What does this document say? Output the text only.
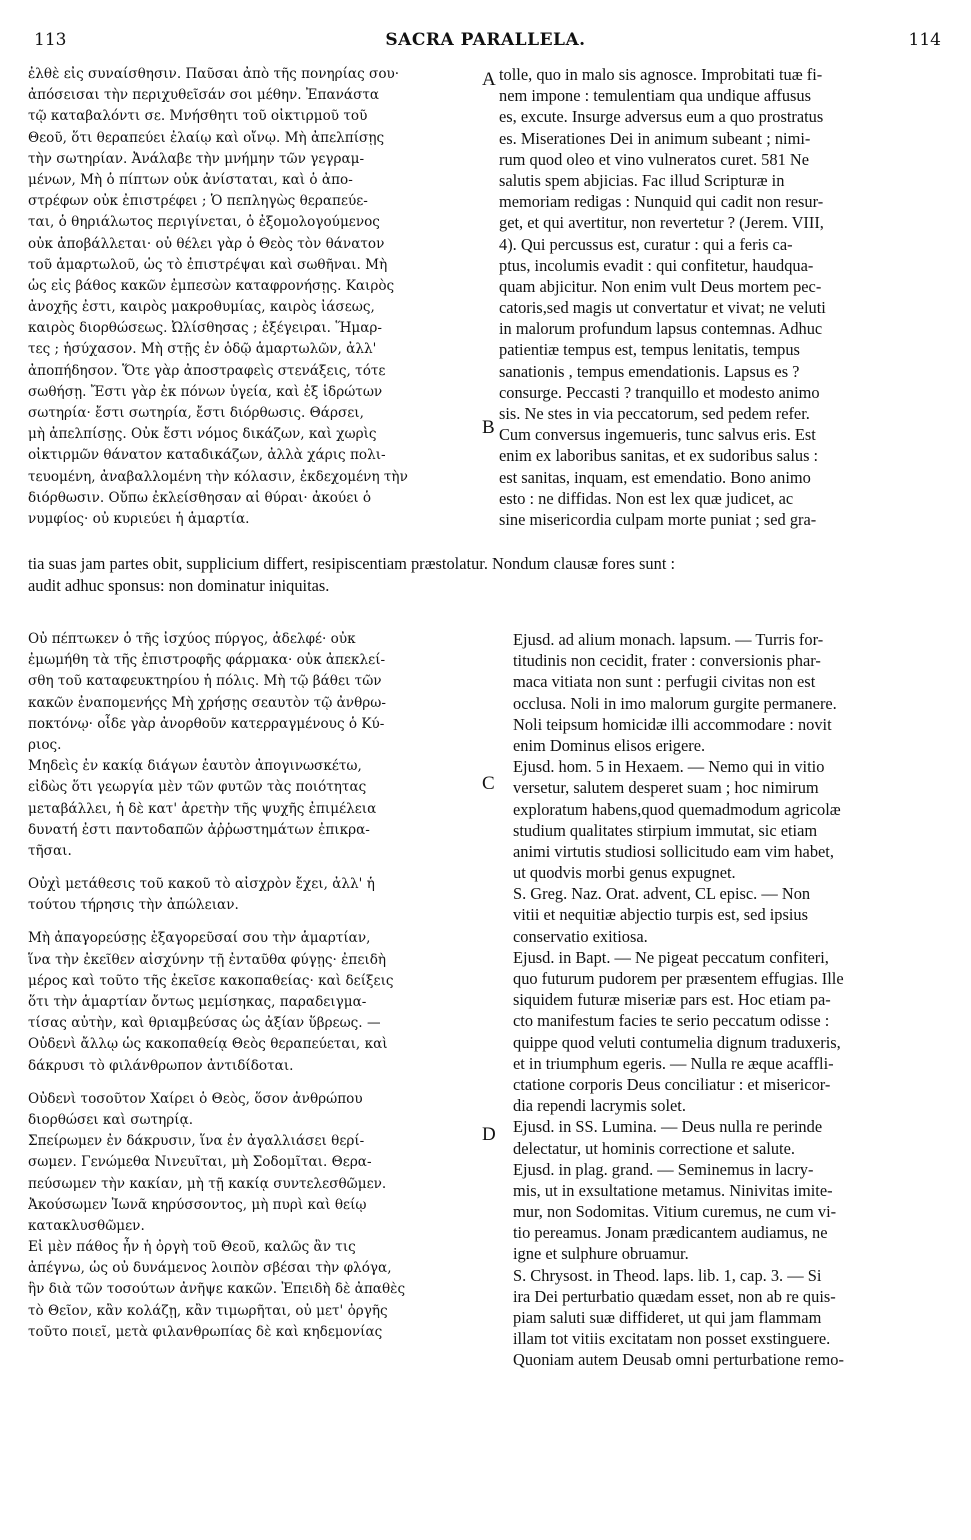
113	SACRA PARALLELA.	114
ἐλθὲ εἰς συναίσθησιν. Παῦσαι ἀπὸ τῆς πονηρίας σου·
ἀπόσεισαι τὴν περιχυθεῖσάν σοι μέθην. Ἐπανάστα
τῷ καταβαλόντι σε. Μνήσθητι τοῦ οἰκτιρμοῦ τοῦ
Θεοῦ, ὅτι θεραπεύει ἐλαίῳ καὶ οἴνῳ. Μὴ ἀπελπίσῃς
τὴν σωτηρίαν. Ἀνάλαβε τὴν μνήμην τῶν γεγραμ-
μένων, Μὴ ὁ πίπτων οὐκ ἀνίσταται, καὶ ὁ ἀπο-
στρέφων οὐκ ἐπιστρέφει ; Ὁ πεπληγὼς θεραπεύε-
ται, ὁ θηριάλωτος περιγίνεται, ὁ ἐξομολογούμενος
οὐκ ἀποβάλλεται· οὐ θέλει γὰρ ὁ Θεὸς τὸν θάνατον
τοῦ ἁμαρτωλοῦ, ὡς τὸ ἐπιστρέψαι καὶ σωθῆναι. Μὴ
ὡς εἰς βάθος κακῶν ἐμπεσὼν καταφρονήσῃς. Καιρὸς
ἀνοχῆς ἐστι, καιρὸς μακροθυμίας, καιρὸς ἰάσεως,
καιρὸς διορθώσεως. Ὠλίσθησας ; ἐξέγειραι. Ἥμαρ-
τες ; ἡσύχασον. Μὴ στῇς ἐν ὁδῷ ἁμαρτωλῶν, ἀλλ'
ἀποπήδησον. Ὅτε γὰρ ἀποστραφεὶς στενάξεις, τότε
σωθήσῃ. Ἔστι γὰρ ἐκ πόνων ὑγεία, καὶ ἐξ ἱδρώτων
σωτηρία· ἔστι σωτηρία, ἔστι διόρθωσις. Θάρσει,
μὴ ἀπελπίσῃς. Οὐκ ἔστι νόμος δικάζων, καὶ χωρὶς
οἰκτιρμῶν θάνατον καταδικάζων, ἀλλὰ χάρις πολι-
τευομένη, ἀναβαλλομένη τὴν κόλασιν, ἐκδεχομένη τὴν
διόρθωσιν. Οὔπω ἐκλείσθησαν αἱ θύραι· ἀκούει ὁ
νυμφίος· οὐ κυριεύει ἡ ἁμαρτία.
tolle, quo in malo sis agnosce. Improbitati tuæ fi-
nem impone : temulentiam qua undique affusus
es, excute. Insurge adversus eum a quo prostratus
es. Miserationes Dei in animum subeant ; nimi-
rum quod oleo et vino vulneratos curet. 581 Ne
salutis spem abjicias. Fac illud Scripturæ in
memoriam redigas : Nunquid qui cadit non resur-
get, et qui avertitur, non revertetur ? (Jerem. VIII,
4). Qui percussus est, curatur : qui a feris ca-
ptus, incolumis evadit : qui confitetur, haudqua-
quam abjicitur. Non enim vult Deus mortem pec-
catoris,sed magis ut convertatur et vivat; ne veluti
in malorum profundum lapsus contemnas. Adhuc
patientiæ tempus est, tempus lenitatis, tempus
sanationis , tempus emendationis. Lapsus es ?
consurge. Peccasti ? tranquillo et modesto animo
sis. Ne stes in via peccatorum, sed pedem refer.
Cum conversus ingemueris, tunc salvus eris. Est
enim ex laboribus sanitas, et ex sudoribus salus :
est sanitas, inquam, est emendatio. Bono animo
esto : ne diffidas. Non est lex quæ judicet, ac
sine misericordia culpam morte puniat ; sed gra-
tia suas jam partes obit, supplicium differt, resipiscentiam præstolatur. Nondum clausæ fores sunt :
audit adhuc sponsus: non dominatur iniquitas.
Οὐ πέπτωκεν ὁ τῆς ἰσχύος πύργος, ἀδελφέ· οὐκ
ἐμωμήθη τὰ τῆς ἐπιστροφῆς φάρμακα· οὐκ ἀπεκλεί-
σθη τοῦ καταφευκτηρίου ἡ πόλις. Μὴ τῷ βάθει τῶν
κακῶν ἐναπομενήςς Μὴ χρήσῃς σεαυτὸν τῷ ἀνθρω-
ποκτόνῳ· οἶδε γὰρ ἀνορθοῦν κατερραγμένους ὁ Κύ-
ριος.
Μηδεὶς ἐν κακίᾳ διάγων ἑαυτὸν ἀπογινωσκέτω,
εἰδὼς ὅτι γεωργία μὲν τῶν φυτῶν τὰς ποιότητας
μεταβάλλει, ἡ δὲ κατ' ἀρετὴν τῆς ψυχῆς ἐπιμέλεια
δυνατή ἐστι παντοδαπῶν ἀῤῥωστημάτων ἐπικρα-
τῆσαι.
Οὐχὶ μετάθεσις τοῦ κακοῦ τὸ αἰσχρὸν ἔχει, ἀλλ' ἡ
τούτου τήρησις τὴν ἀπώλειαν.
Μὴ ἀπαγορεύσῃς ἐξαγορεῦσαί σου τὴν ἁμαρτίαν,
ἵνα τὴν ἐκεῖθεν αἰσχύνην τῇ ἐνταῦθα φύγῃς· ἐπειδὴ
μέρος καὶ τοῦτο τῆς ἐκεῖσε κακοπαθείας· καὶ δείξεις
ὅτι τὴν ἁμαρτίαν ὄντως μεμίσηκας, παραδειγμα-
τίσας αὐτὴν, καὶ θριαμβεύσας ὡς ἀξίαν ὕβρεως. —
Οὐδενὶ ἄλλῳ ὡς κακοπαθείᾳ Θεὸς θεραπεύεται, καὶ
δάκρυσι τὸ φιλάνθρωπον ἀντιδίδοται.
Οὐδενὶ τοσοῦτον Χαίρει ὁ Θεὸς, ὅσον ἀνθρώπου
διορθώσει καὶ σωτηρίᾳ.
Σπείρωμεν ἐν δάκρυσιν, ἵνα ἐν ἀγαλλιάσει θερί-
σωμεν. Γενώμεθα Νινευῖται, μὴ Σοδομῖται. Θερα-
πεύσωμεν τὴν κακίαν, μὴ τῇ κακίᾳ συντελεσθῶμεν.
Ἀκούσωμεν Ἰωνᾶ κηρύσσοντος, μὴ πυρὶ καὶ θείῳ
κατακλυσθῶμεν.
Εἰ μὲν πάθος ἦν ἡ ὀργὴ τοῦ Θεοῦ, καλῶς ἂν τις
ἀπέγνω, ὡς οὐ δυνάμενος λοιπὸν σβέσαι τὴν φλόγα,
ἣν διὰ τῶν τοσούτων ἀνῆψε κακῶν. Ἐπειδὴ δὲ ἀπαθὲς
τὸ Θεῖον, κἂν κολάζῃ, κἂν τιμωρῆται, οὐ μετ' ὀργῆς
τοῦτο ποιεῖ, μετὰ φιλανθρωπίας δὲ καὶ κηδεμονίας
Ejusd. ad alium monach. lapsum. — Turris for-
titudinis non cecidit, frater : conversionis phar-
maca vitiata non sunt : perfugii civitas non est
occlusa. Noli in imo malorum gurgite permanere.
Noli teipsum homicidæ illi accommodare : novit
enim Dominus elisos erigere.
Ejusd. hom. 5 in Hexaem. — Nemo qui in vitio
versetur, salutem desperet suam ; hoc nimirum
exploratum habens,quod quemadmodum agricolæ
studium qualitates stirpium immutat, sic etiam
animi virtutis studiosi sollicitudo eam vim habet,
ut quodvis morbi genus expugnet.
S. Greg. Naz. Orat. advent, CL episc. — Non
vitii et nequitiæ abjectio turpis est, sed ipsius
conservatio exitiosa.
Ejusd. in Bapt. — Ne pigeat peccatum confiteri,
quo futurum pudorem per præsentem effugias. Ille
siquidem futuræ miseriæ pars est. Hoc etiam pa-
cto manifestum facies te serio peccatum odisse :
quippe quod veluti contumelia dignum traduxeris,
et in triumphum egeris. — Nulla re æque acaffli-
ctatione corporis Deus conciliatur : et misericor-
dia rependi lacrymis solet.
Ejusd. in SS. Lumina. — Deus nulla re perinde
delectatur, ut hominis correctione et salute.
Ejusd. in plag. grand. — Seminemus in lacry-
mis, ut in exsultatione metamus. Ninivitas imite-
mur, non Sodomitas. Vitium curemus, ne cum vi-
tio pereamus. Jonam prædicantem audiamus, ne
igne et sulphure obruamur.
S. Chrysost. in Theod. laps. lib. 1, cap. 3. — Si
ira Dei perturbatio quædam esset, non ab re quis-
piam saluti suæ diffideret, ut qui jam flammam
illam tot vitiis excitatam non posset exstinguere.
Quoniam autem Deusab omni perturbatione remo-
A
B
C
D
